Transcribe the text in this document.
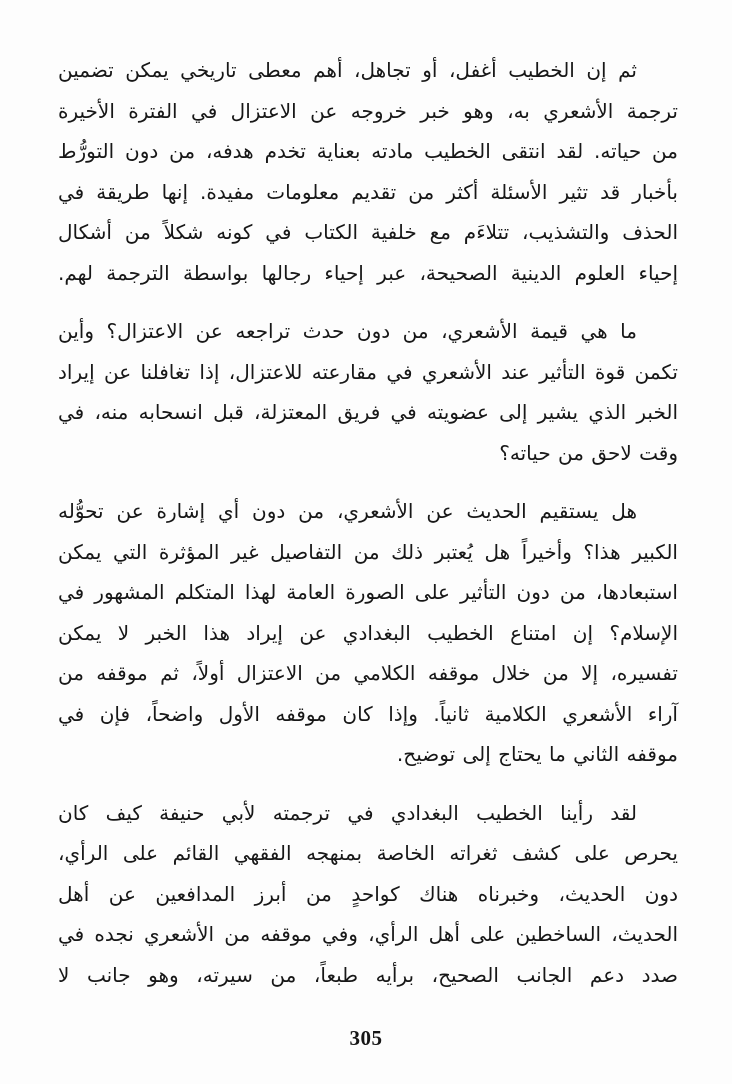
ثم إن الخطيب أغفل، أو تجاهل، أهم معطى تاريخي يمكن تضمين
ترجمة الأشعري به، وهو خبر خروجه عن الاعتزال في الفترة الأخيرة
من حياته. لقد انتقى الخطيب مادته بعناية تخدم هدفه، من دون التورُّط
بأخبار قد تثير الأسئلة أكثر من تقديم معلومات مفيدة. إنها طريقة في
الحذف والتشذيب، تتلاءَم مع خلفية الكتاب في كونه شكلاً من أشكال
إحياء العلوم الدينية الصحيحة، عبر إحياء رجالها بواسطة الترجمة لهم.
ما هي قيمة الأشعري، من دون حدث تراجعه عن الاعتزال؟ وأين
تكمن قوة التأثير عند الأشعري في مقارعته للاعتزال، إذا تغافلنا عن إيراد
الخبر الذي يشير إلى عضويته في فريق المعتزلة، قبل انسحابه منه، في
وقت لاحق من حياته؟
هل يستقيم الحديث عن الأشعري، من دون أي إشارة عن تحوُّله
الكبير هذا؟ وأخيراً هل يُعتبر ذلك من التفاصيل غير المؤثرة التي يمكن
استبعادها، من دون التأثير على الصورة العامة لهذا المتكلم المشهور في
الإسلام؟ إن امتناع الخطيب البغدادي عن إيراد هذا الخبر لا يمكن
تفسيره، إلا من خلال موقفه الكلامي من الاعتزال أولاً، ثم موقفه من
آراء الأشعري الكلامية ثانياً. وإذا كان موقفه الأول واضحاً، فإن في
موقفه الثاني ما يحتاج إلى توضيح.
لقد رأينا الخطيب البغدادي في ترجمته لأبي حنيفة كيف كان
يحرص على كشف ثغراته الخاصة بمنهجه الفقهي القائم على الرأي،
دون الحديث، وخبرناه هناك كواحدٍ من أبرز المدافعين عن أهل
الحديث، الساخطين على أهل الرأي، وفي موقفه من الأشعري نجده في
صدد دعم الجانب الصحيح، برأيه طبعاً، من سيرته، وهو جانب لا
305
